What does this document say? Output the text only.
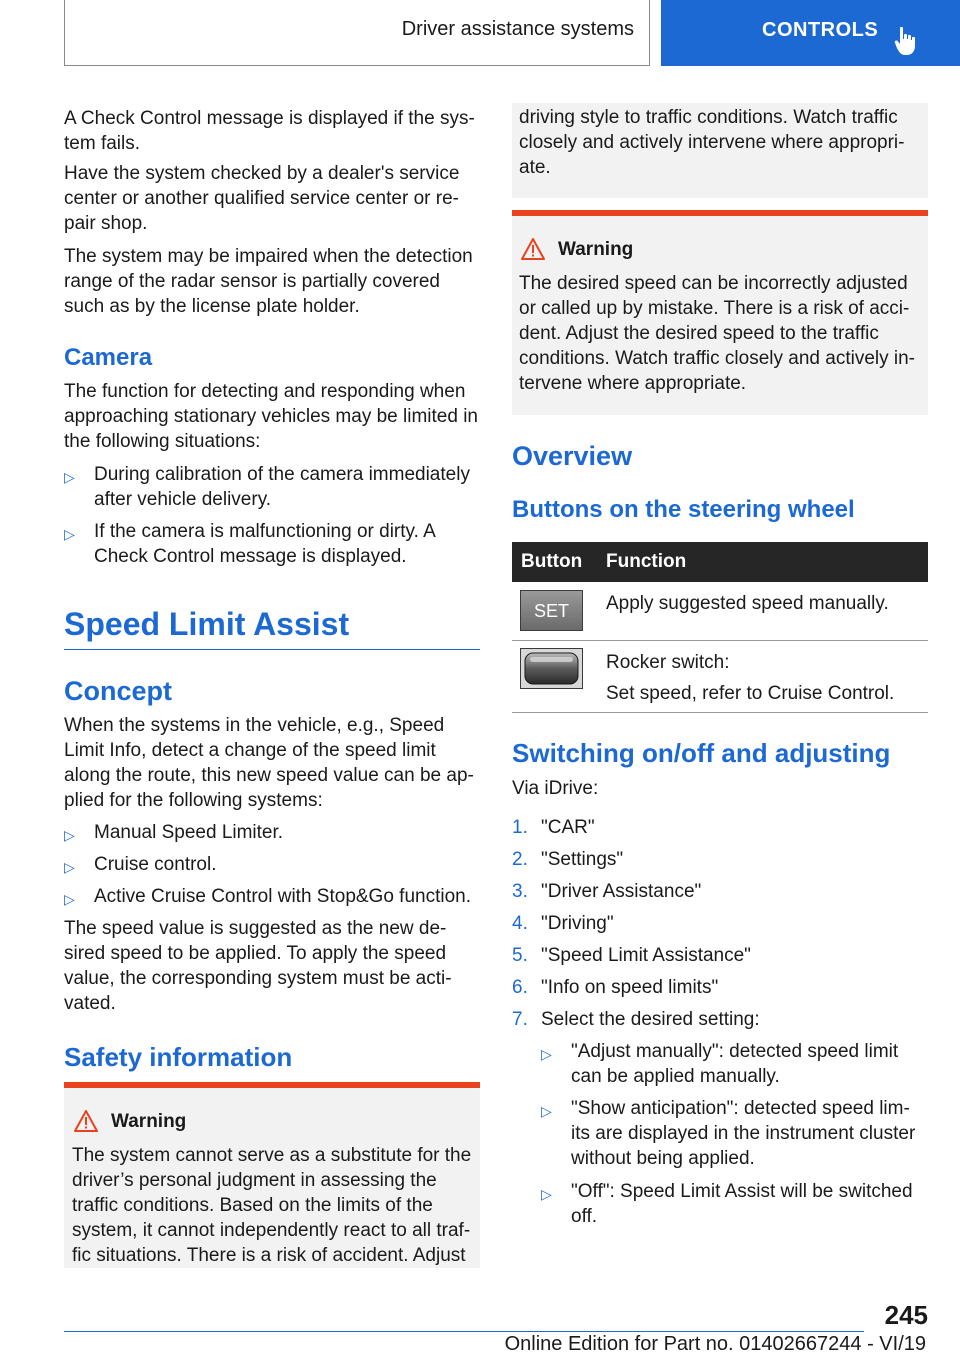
Driver assistance systems	CONTROLS

A Check Control message is displayed if the sys-
tem fails.

Have the system checked by a dealer's service
center or another qualified service center or re-
pair shop.

The system may be impaired when the detection
range of the radar sensor is partially covered
such as by the license plate holder.

Camera

The function for detecting and responding when
approaching stationary vehicles may be limited in
the following situations:

▷ During calibration of the camera immediately
after vehicle delivery.
▷ If the camera is malfunctioning or dirty. A
Check Control message is displayed.
Speed Limit Assist
Concept

When the systems in the vehicle, e.g., Speed
Limit Info, detect a change of the speed limit
along the route, this new speed value can be ap-
plied for the following systems:

▷ Manual Speed Limiter.
▷ Cruise control.
▷ Active Cruise Control with Stop&Go function.

The speed value is suggested as the new de-
sired speed to be applied. To apply the speed
value, the corresponding system must be acti-
vated.

Safety information
Warning

The system cannot serve as a substitute for the
driver’s personal judgment in assessing the
traffic conditions. Based on the limits of the
system, it cannot independently react to all traf-
fic situations. There is a risk of accident. Adjust

driving style to traffic conditions. Watch traffic
closely and actively intervene where appropri-
ate.

Warning

The desired speed can be incorrectly adjusted
or called up by mistake. There is a risk of acci-
dent. Adjust the desired speed to the traffic
conditions. Watch traffic closely and actively in-
tervene where appropriate.

Overview
Buttons on the steering wheel
Button Function
SET Apply suggested speed manually.

Rocker switch:

Set speed, refer to Cruise Control.

Switching on/off and adjusting

Via iDrive:

1. "CAR"
2. "Settings"
3. "Driver Assistance"
4. "Driving"
5. "Speed Limit Assistance"
6. "Info on speed limits"
7. Select the desired setting:
▷ "Adjust manually": detected speed limit
can be applied manually.
▷ "Show anticipation": detected speed lim-
its are displayed in the instrument cluster
without being applied.
▷ "Off": Speed Limit Assist will be switched
off.
245
Online Edition for Part no. 01402667244 - VI/19
